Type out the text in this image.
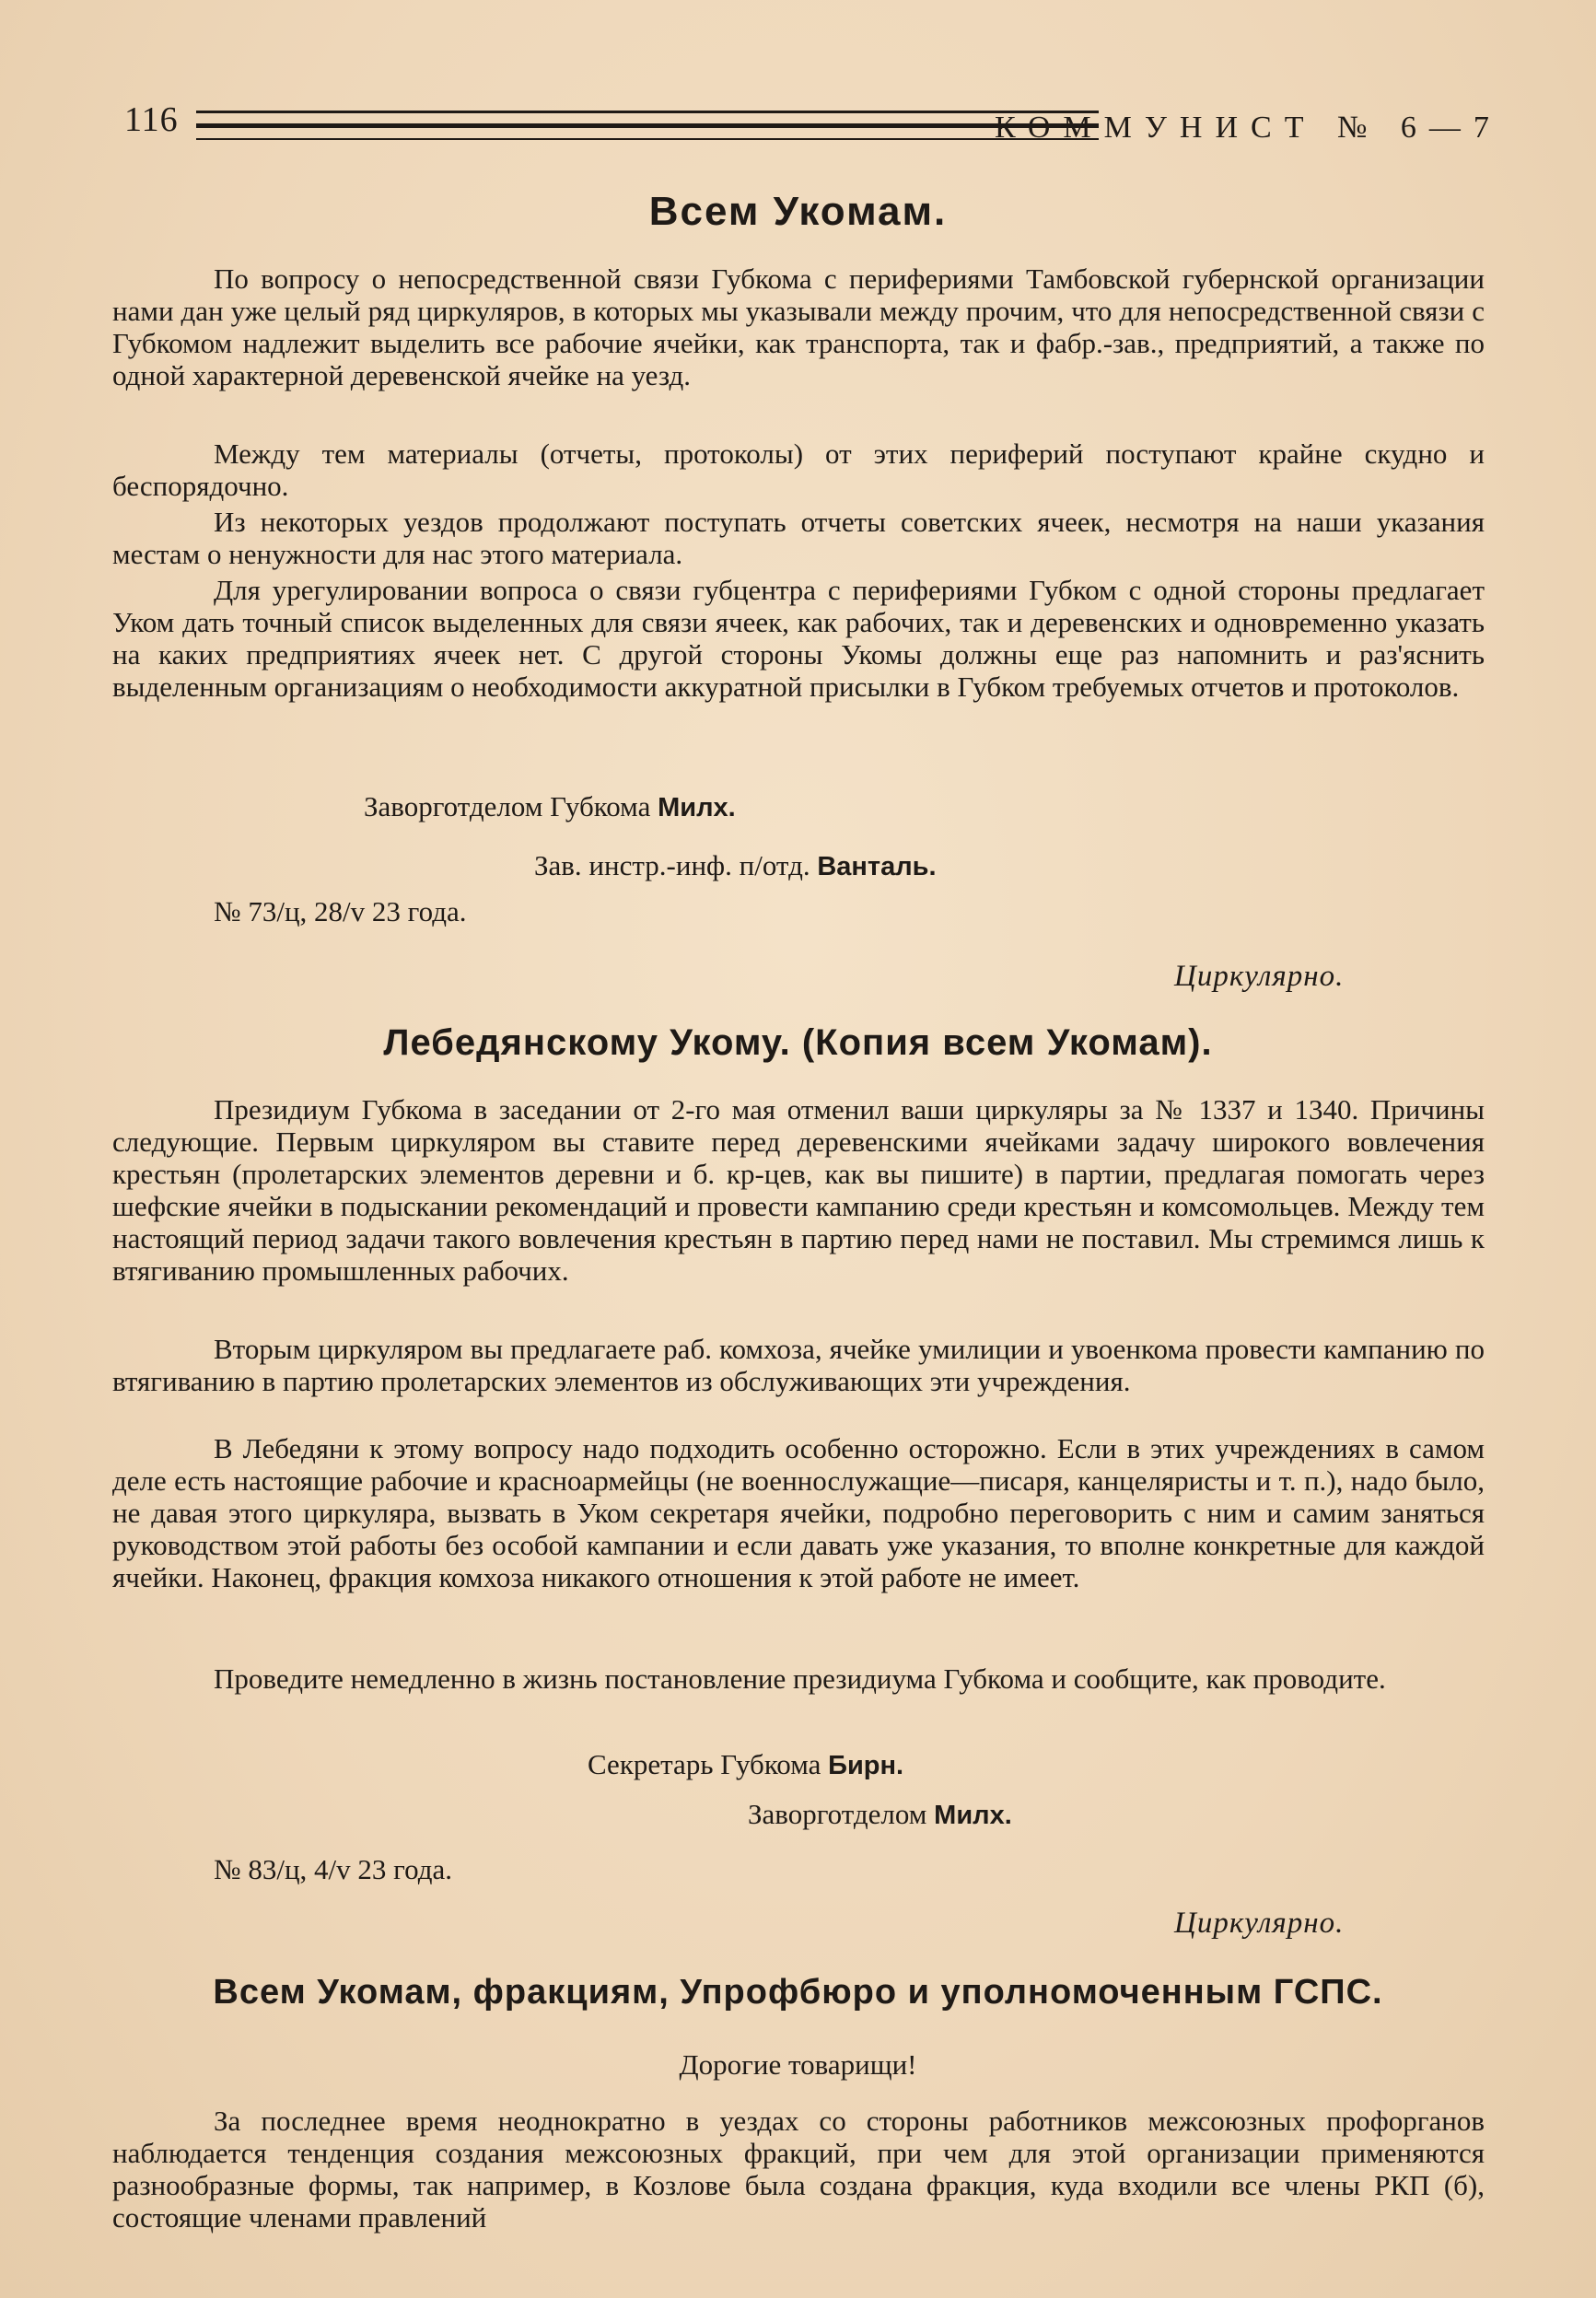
116	КОММУНИСТ № 6—7
Всем Укомам.

По вопросу о непосредственной связи Губкома с перифериями Тамбовской губернской организации нами дан уже целый ряд циркуляров, в которых мы указывали между прочим, что для непосредственной связи с Губкомом надлежит выделить все рабочие ячейки, как транспорта, так и фабр.-зав., предприятий, а также по одной характерной деревенской ячейке на уезд.

Между тем материалы (отчеты, протоколы) от этих периферий поступают крайне скудно и беспорядочно.

Из некоторых уездов продолжают поступать отчеты советских ячеек, несмотря на наши указания местам о ненужности для нас этого материала.

Для урегулировании вопроса о связи губцентра с перифериями Губком с одной стороны предлагает Уком дать точный список выделенных для связи ячеек, как рабочих, так и деревенских и одновременно указать на каких предприятиях ячеек нет. С другой стороны Укомы должны еще раз напомнить и раз'яснить выделенным организациям о необходимости аккуратной присылки в Губком требуемых отчетов и протоколов.

Заворготделом Губкома Милх.
Зав. инстр.-инф. п/отд. Ванталь.
№ 73/ц, 28/v 23 года.
Циркулярно.
Лебедянскому Укому. (Копия всем Укомам).

Президиум Губкома в заседании от 2-го мая отменил ваши циркуляры за № 1337 и 1340. Причины следующие. Первым циркуляром вы ставите перед деревенскими ячейками задачу широкого вовлечения крестьян (пролетарских элементов деревни и б. кр-цев, как вы пишите) в партии, предлагая помогать через шефские ячейки в подыскании рекомендаций и провести кампанию среди крестьян и комсомольцев. Между тем настоящий период задачи такого вовлечения крестьян в партию перед нами не поставил. Мы стремимся лишь к втягиванию промышленных рабочих.

Вторым циркуляром вы предлагаете раб. комхоза, ячейке умилиции и увоенкома провести кампанию по втягиванию в партию пролетарских элементов из обслуживающих эти учреждения.

В Лебедяни к этому вопросу надо подходить особенно осторожно. Если в этих учреждениях в самом деле есть настоящие рабочие и красноармейцы (не военнослужащие—писаря, канцеляристы и т. п.), надо было, не давая этого циркуляра, вызвать в Уком секретаря ячейки, подробно переговорить с ним и самим заняться руководством этой работы без особой кампании и если давать уже указания, то вполне конкретные для каждой ячейки. Наконец, фракция комхоза никакого отношения к этой работе не имеет.

Проведите немедленно в жизнь постановление президиума Губкома и сообщите, как проводите.

Секретарь Губкома Бирн.
Заворготделом Милх.
№ 83/ц, 4/v 23 года.
Циркулярно.
Всем Укомам, фракциям, Упрофбюро и уполномоченным ГСПС.
Дорогие товарищи!

За последнее время неоднократно в уездах со стороны работников межсоюзных профорганов наблюдается тенденция создания межсоюзных фракций, при чем для этой организации применяются разнообразные формы, так например, в Козлове была создана фракция, куда входили все члены РКП (б), состоящие членами правлений
